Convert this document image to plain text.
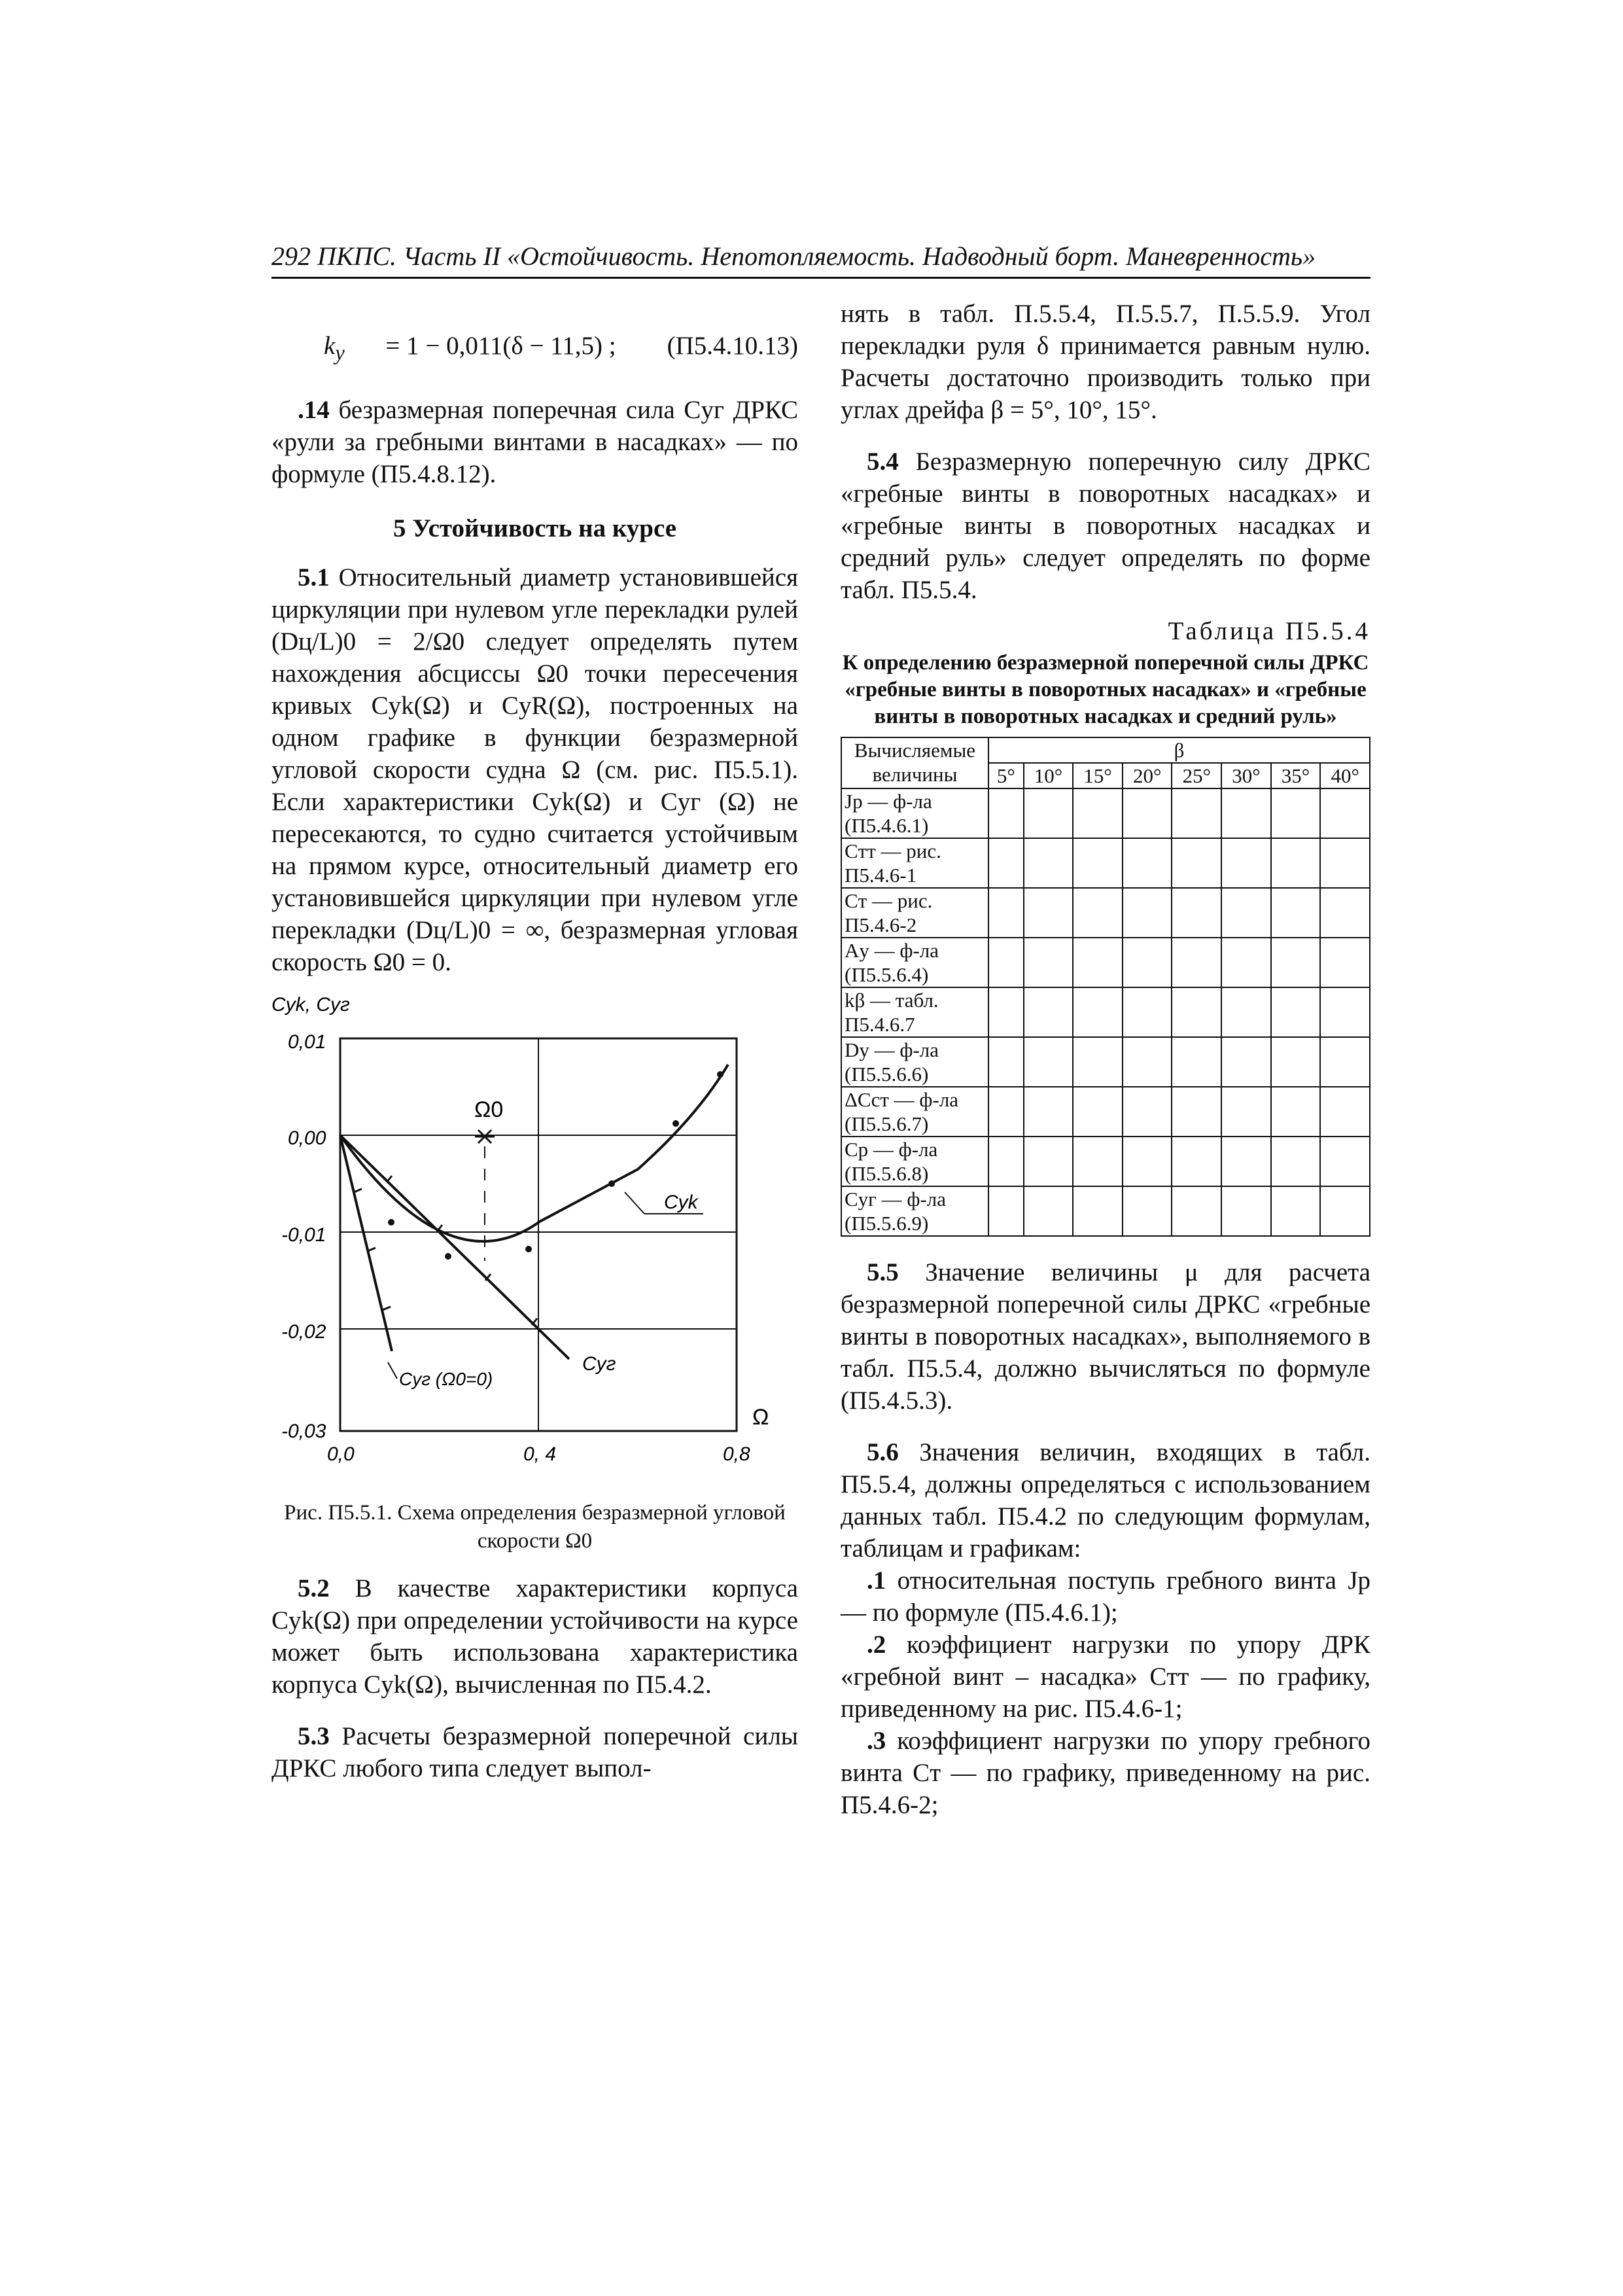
292 ПКПС. Часть II «Остойчивость. Непотопляемость. Надводный борт. Маневренность»

$k_y = 1 - 0,011(\delta - 11,5)$ ; (П5.4.10.13)

.14 безразмерная поперечная сила Cуг ДРКС «рули за гребными винтами в насадках» — по формуле (П5.4.8.12).

5 Устойчивость на курсе

5.1 Относительный диаметр установившейся циркуляции при нулевом угле перекладки рулей (Dц/L)0 = 2/Ω0 следует определять путем нахождения абсциссы Ω0 точки пересечения кривых Cyk(Ω) и CyR(Ω), построенных на одном графике в функции безразмерной угловой скорости судна Ω (см. рис. П5.5.1). Если характеристики Cyk(Ω) и Cуг (Ω) не пересекаются, то судно считается устойчивым на прямом курсе, относительный диаметр его установившейся циркуляции при нулевом угле перекладки (Dц/L)0 = ∞, безразмерная угловая скорость Ω0 = 0.

Cyk, Cуг
0,01
0,00
-0,01
-0,02
-0,03
0,0	0, 4	0,8
Ω
Ω0
Cyk
Cуг
Cуг (Ω0=0)

Рис. П5.5.1. Схема определения безразмерной угловой скорости Ω0

5.2 В качестве характеристики корпуса Cyk(Ω) при определении устойчивости на курсе может быть использована характеристика корпуса Cyk(Ω), вычисленная по П5.4.2.

5.3 Расчеты безразмерной поперечной силы ДРКС любого типа следует выпол-

нять в табл. П.5.5.4, П.5.5.7, П.5.5.9. Угол перекладки руля δ принимается равным нулю. Расчеты достаточно производить только при углах дрейфа β = 5°, 10°, 15°.

5.4 Безразмерную поперечную силу ДРКС «гребные винты в поворотных насадках» и «гребные винты в поворотных насадках и средний руль» следует определять по форме табл. П5.5.4.

Таблица П5.5.4

К определению безразмерной поперечной силы ДРКС «гребные винты в поворотных насадках» и «гребные винты в поворотных насадках и средний руль»

Вычисляемые величины	β							
	5°	10°	15°	20°	25°	30°	35°	40°
Jр — ф-ла (П5.4.6.1)								
Cтт — рис. П5.4.6-1								
Cт — рис. П5.4.6-2								
Aу — ф-ла (П5.5.6.4)								
kβ — табл. П5.4.6.7								
Dу — ф-ла (П5.5.6.6)								
ΔCст — ф-ла (П5.5.6.7)								
Cр — ф-ла (П5.5.6.8)								
Cуг — ф-ла (П5.5.6.9)								

5.5 Значение величины μ для расчета безразмерной поперечной силы ДРКС «гребные винты в поворотных насадках», выполняемого в табл. П5.5.4, должно вычисляться по формуле (П5.4.5.3).

5.6 Значения величин, входящих в табл. П5.5.4, должны определяться с использованием данных табл. П5.4.2 по следующим формулам, таблицам и графикам:

.1 относительная поступь гребного винта Jр — по формуле (П5.4.6.1);

.2 коэффициент нагрузки по упору ДРК «гребной винт – насадка» Cтт — по графику, приведенному на рис. П5.4.6-1;

.3 коэффициент нагрузки по упору гребного винта Cт — по графику, приведенному на рис. П5.4.6-2;
